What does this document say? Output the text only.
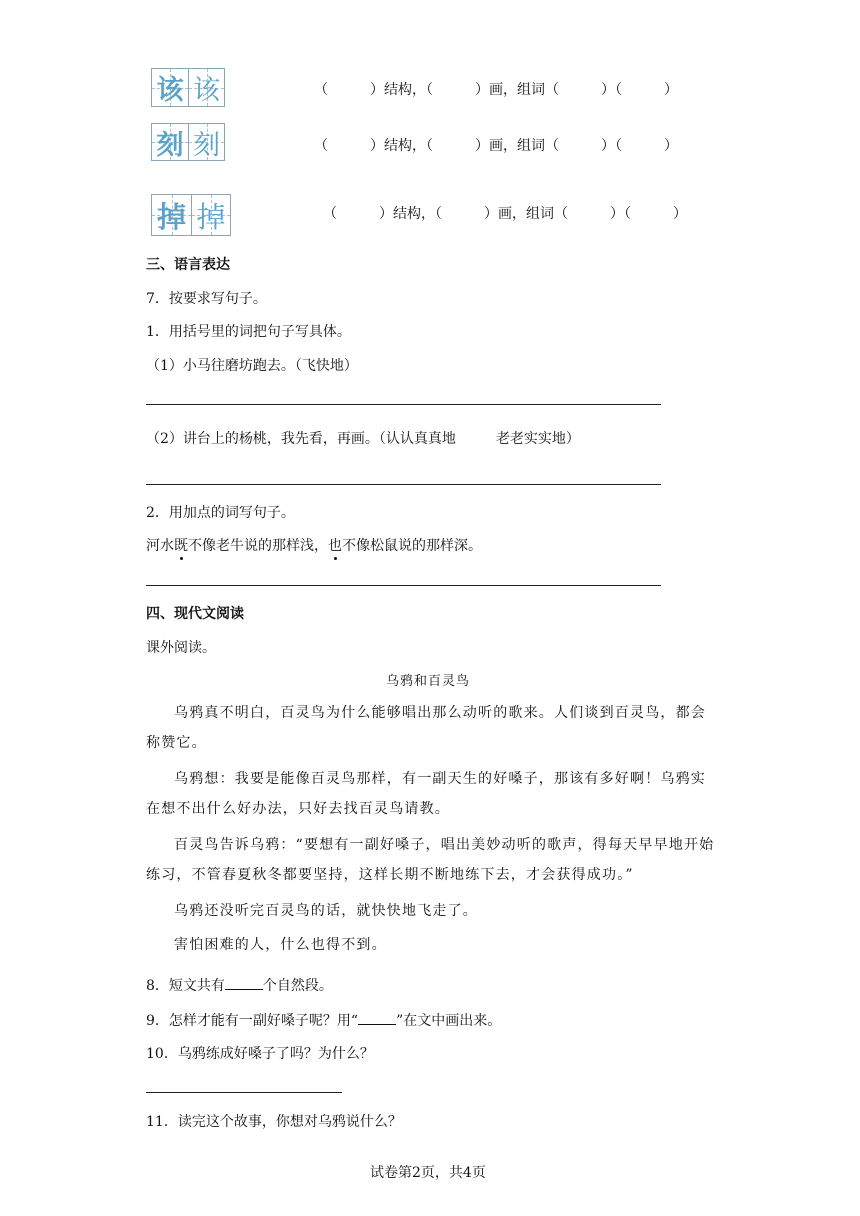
该 该	（　　　）结构，（　　　）画，组词（　　　）（　　　）
刻 刻	（　　　）结构，（　　　）画，组词（　　　）（　　　）
掉 掉	（　　　）结构，（　　　）画，组词（　　　）（　　　）
三、语言表达
7．按要求写句子。
1．用括号里的词把句子写具体。
（1）小马往磨坊跑去。（飞快地）
（2）讲台上的杨桃，我先看，再画。（认认真真地	老老实实地）
2．用加点的词写句子。
河水既不像老牛说的那样浅，也不像松鼠说的那样深。
四、现代文阅读
课外阅读。
乌鸦和百灵鸟

乌鸦真不明白，百灵鸟为什么能够唱出那么动听的歌来。人们谈到百灵鸟，都会称赞它。

乌鸦想：我要是能像百灵鸟那样，有一副天生的好嗓子，那该有多好啊！乌鸦实在想不出什么好办法，只好去找百灵鸟请教。

百灵鸟告诉乌鸦：“要想有一副好嗓子，唱出美妙动听的歌声，得每天早早地开始练习，不管春夏秋冬都要坚持，这样长期不断地练下去，才会获得成功。”

乌鸦还没听完百灵鸟的话，就快快地飞走了。

害怕困难的人，什么也得不到。

8．短文共有	个自然段。
9．怎样才能有一副好嗓子呢？用“	”在文中画出来。
10．乌鸦练成好嗓子了吗？为什么？
11．读完这个故事，你想对乌鸦说什么？
试卷第2页，共4页
